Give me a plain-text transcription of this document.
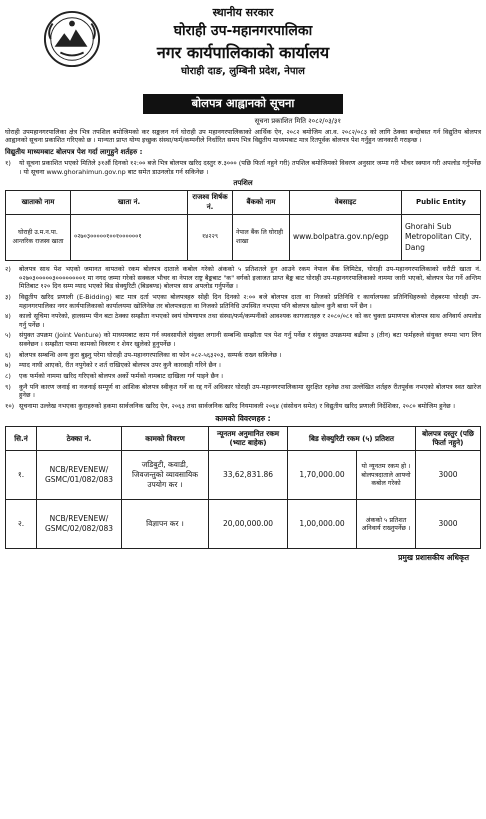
स्थानीय सरकार
घोराही उप-महानगरपालिका
नगर कार्यपालिकाको कार्यालय
घोराही दाङ, लुम्बिनी प्रदेश, नेपाल
बोलपत्र आह्वानको सूचना
सूचना प्रकाशित मिति २०८२/०३/३१

घोराही उपमहानगरपालिका क्षेत्र भित्र तपशिल बमोजिमको कर सङ्कलन गर्न घोराही उप महानगरपालिकाको आर्थिक ऐन, २०८२ बमोजिम आ.व. २०८२/०८३ को लागि ठेक्का बन्दोबस्त गर्न विद्युतिय बोलपत्र आह्वानको सूचना प्रकाशित गरिएको छ । मान्यता प्राप्त योग्य इच्छुक संस्था/फर्म/कम्पनीले निर्धारित समय भित्र विद्युतीय माध्यमबाट मात्र रितपूर्वक बोलपत्र पेश गर्नुहुन जानकारी गराइन्छ ।

विद्युतीय माध्यमबाट बोलपत्र पेश गर्दा लागुहुने शर्तहरु :
१)	यो सूचना प्रकाशित भएको मितिले ३१औं दिनको १२:०० बजे भित्र बोलपत्र खरिद दस्तुर रु.३००० (पछि फिर्ता नहुने गरी) तपशिल बमोजिमको विवरण अनुसार जम्मा गरी भौचर स्क्यान गरी अपलोड गर्नुपर्नेछ । यो सूचना www.ghorahimun.gov.np बाट समेत डाउनलोड गर्न सकिनेछ ।
तपशिल
खाताको नाम	खाता नं.	राजश्व शिर्षक नं.	बैंकको नाम	वेबसाइट	Public Entity
घोराही उ.म.न.पा. आन्तरिक राजस्व खाता	०२७०३०००००१००१००००००१	१४२२९	नेपाल बैंक लि घोराही शाखा	www.bolpatra.gov.np/egp	Ghorahi Sub Metropolitan City, Dang
२)	बोलपत्र साथ पेश भएको जमानत वापतको रकम बोलपत्र दाताले कबोल गरेको अंकको ५ प्रतिशतले हुन आउने रकम नेपाल बैंक लिमिटेड, घोराही उप-महानगरपालिकाको धरौटी खाता नं. ०२७०३०००००३००००००००१ मा नगद जम्मा गरेको सक्कल भौचर वा नेपाल राष्ट्र बैङ्कबाट "क" वर्गको इजाजत प्राप्त बैङ्क बाट घोराही उप-महानगरपालिकाको नाममा जारी भएको, बोलपत्र पेश गर्ने अन्तिम मितिबाट १२० दिन सम्म म्याद भएको बिड सेक्युरिटी (बिडबण्ड) बोलपत्र साथ अपलोड गर्नुपर्नेछ ।
३)	विद्युतीय खरिद प्रणाली (E-Bidding) बाट मात्र दर्ता भएका बोलपत्रहरु सोही दिन दिनको २:०० बजे बोलपत्र दाता वा निजको प्रतिनिधि र कार्यालयका प्रतिनिधिहरुको रोहबरमा घोराही उप-महानगरपालिका नगर कार्यपालिकाको कार्यालयमा खोलिनेछ तर बोलपत्रदाता वा निजको प्रतिनिधि उपस्थित नभएमा पनि बोलपत्र खोल्न कुनै बाधा पर्ने छैन ।
४)	कालो सूचिमा नपरेको, हालसम्म पीन बटा ठेक्का सम्झौता नभएको स्वयं घोषणापत्र तथा संस्था/फर्म/कम्पनीको आवश्यक कागजातहरु र २०८०/०८१ को कर चुक्ता प्रमाणपत्र बोलपत्र साथ अनिवार्य अपलोड गर्नु पर्नेछ ।
५)	संयुक्त उपक्रम (Joint Venture) को माध्यमबाट काम गर्न व्यवसायीले संयुक्त लगानी सम्बन्धि सम्झौता पत्र पेश गर्नु पर्नेछ र संयुक्त उपक्रममा बढीमा ३ (तीन) बटा फर्महरुले संयुक्त रुपमा भाग लिन सक्नेछन । सम्झौता पत्रमा कामको विवरण र शेयर खुलेको हुनुपर्नेछ ।
६)	बोलपत्र सम्बन्धि अन्य कुरा बुझ्नु परेमा घोराही उप-महानगरपालिका वा फोन ०८२-५६३२०३, सम्पर्क राख्न सकिनेछ ।
७)	म्याद नाघी आएको, रीत नपुगेको र शर्त राखिएको बोलपत्र उपर कुनै कारवाही गरिने छैन ।
८)	एक फर्मको नाममा खरिद गरिएको बोलपत्र अर्को फर्मको नामबाट दाखिला गर्न पाइने छैन ।
९)	कुनै पनि कारण जनाई वा नजनाई सम्पूर्ण वा आंशिक बोलपत्र स्वीकृत गर्ने वा रद्द गर्ने अधिकार घोराही उप-महानगरपालिकामा सुरक्षित रहनेछ तथा उल्लेखित शर्तहरु रीतपूर्वक नभएको बोलपत्र स्वत खारेज हुनेछ ।
१०) सूचनामा उल्लेख नभएका कुराहरुको हकमा सार्वजनिक खरिद ऐन, २०६३ तथा सार्वजनिक खरिद नियमावली २०६४ (संसोधन समेत) र विद्युतीय खरिद प्रणाली निर्देशिका, २०८० बमोजिम हुनेछ ।
कामको विवरणहरु :
सि.नं	ठेक्का नं.	कामको विवरण	न्यूनतम अनुमानित रकम (भ्याट बाहेक)	बिड सेक्युरिटी रकम (५) प्रतिशत		बोलपत्र दस्तुर (पछि फिर्ता नहुने)
१.	NCB/REVENEW/ GSMC/01/082/083	जडिबुटी, कवाडी, जिवजन्तुको व्यावसायिक उपयोग कर ।	33,62,831.86	1,70,000.00	यो न्यूनतम रकम हो । बोलपत्रदाताले आफ्नो कबोल गरेको	3000
२.	NCB/REVENEW/ GSMC/02/082/083	विज्ञापन कर ।	20,00,000.00	1,00,000.00	अंकको ५ प्रतिशत अनिवार्य राख्नुपर्नेछ ।	3000
प्रमुख प्रशासकीय अधिकृत
